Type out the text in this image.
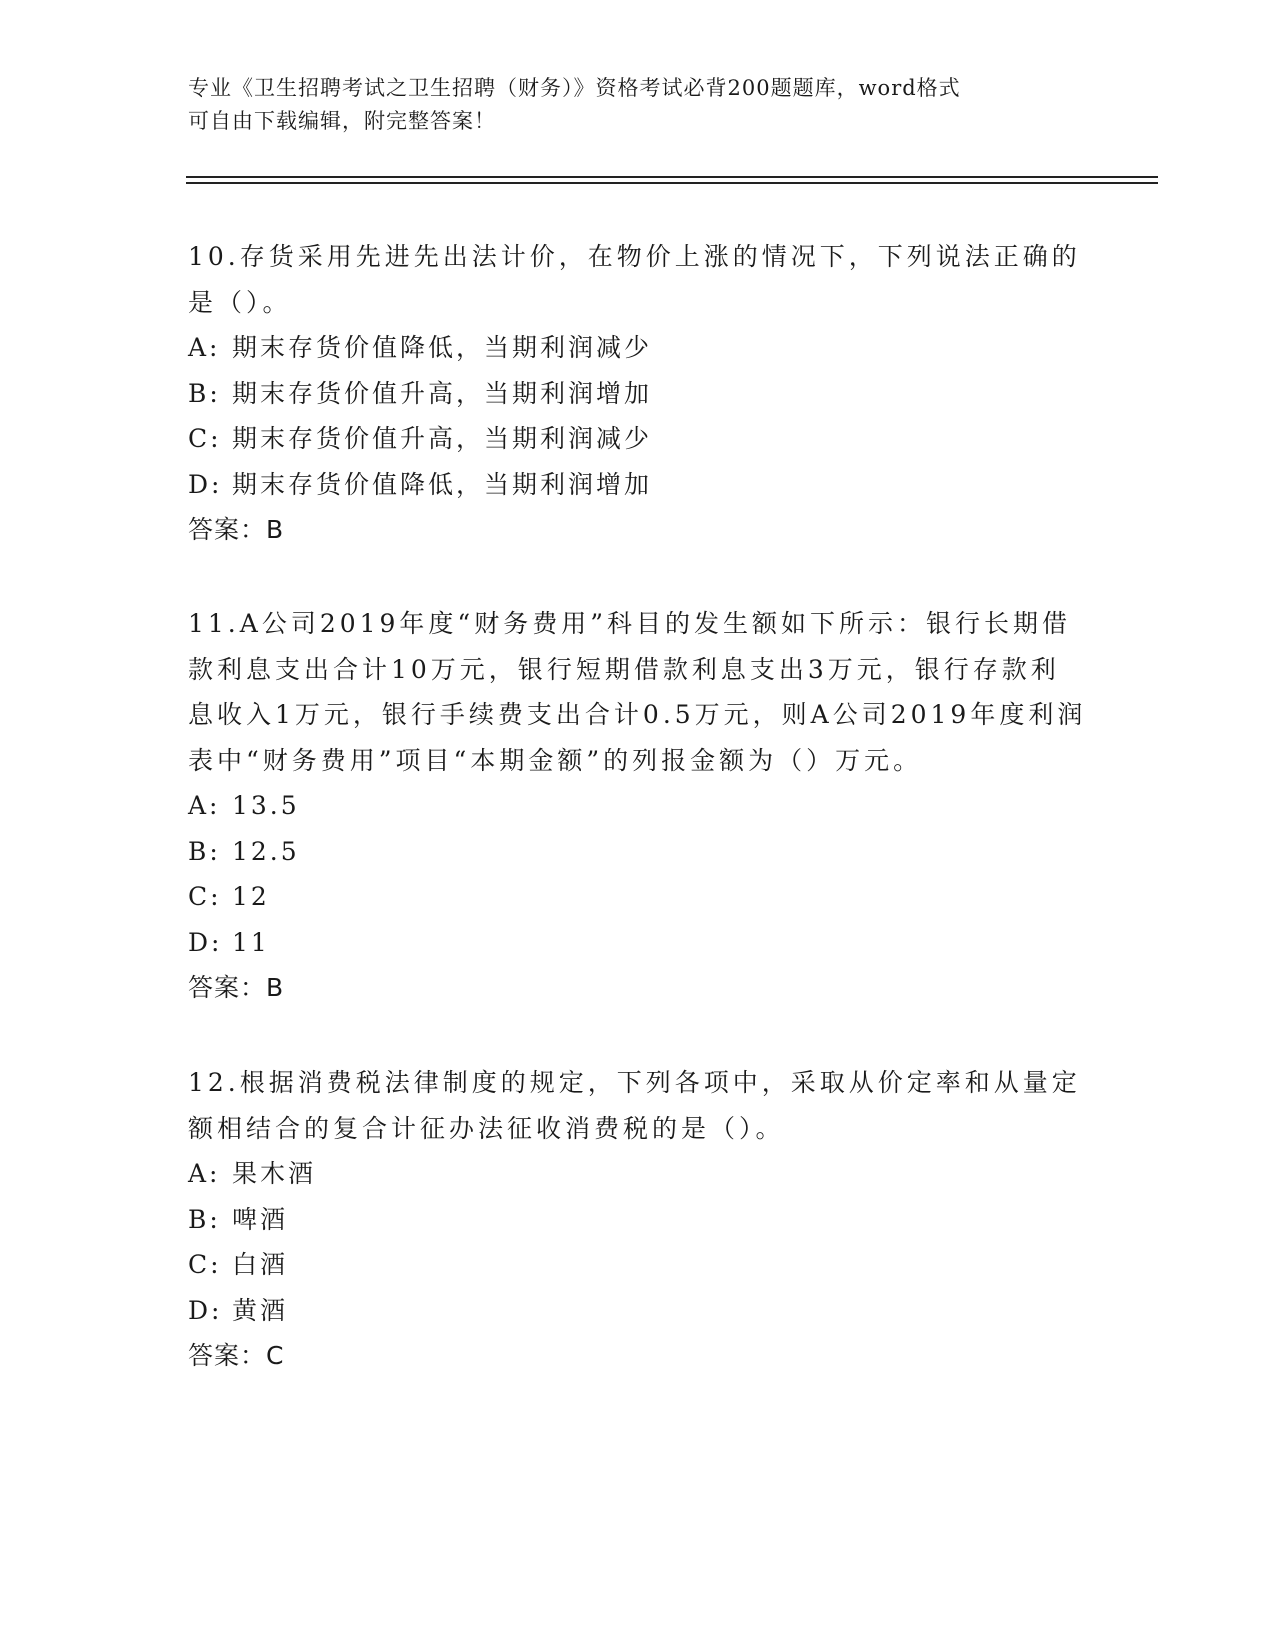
专业《卫生招聘考试之卫生招聘（财务）》资格考试必背200题题库，word格式
可自由下载编辑，附完整答案！

10.存货采用先进先出法计价，在物价上涨的情况下，下列说法正确的是（）。

A: 期末存货价值降低，当期利润减少

B: 期末存货价值升高，当期利润增加

C: 期末存货价值升高，当期利润减少

D: 期末存货价值降低，当期利润增加

答案：B

11.A公司2019年度“财务费用”科目的发生额如下所示：银行长期借款利息支出合计10万元，银行短期借款利息支出3万元，银行存款利息收入1万元，银行手续费支出合计0.5万元，则A公司2019年度利润表中“财务费用”项目“本期金额”的列报金额为（）万元。

A: 13.5

B: 12.5

C: 12

D: 11

答案：B

12.根据消费税法律制度的规定，下列各项中，采取从价定率和从量定额相结合的复合计征办法征收消费税的是（）。

A: 果木酒

B: 啤酒

C: 白酒

D: 黄酒

答案：C
